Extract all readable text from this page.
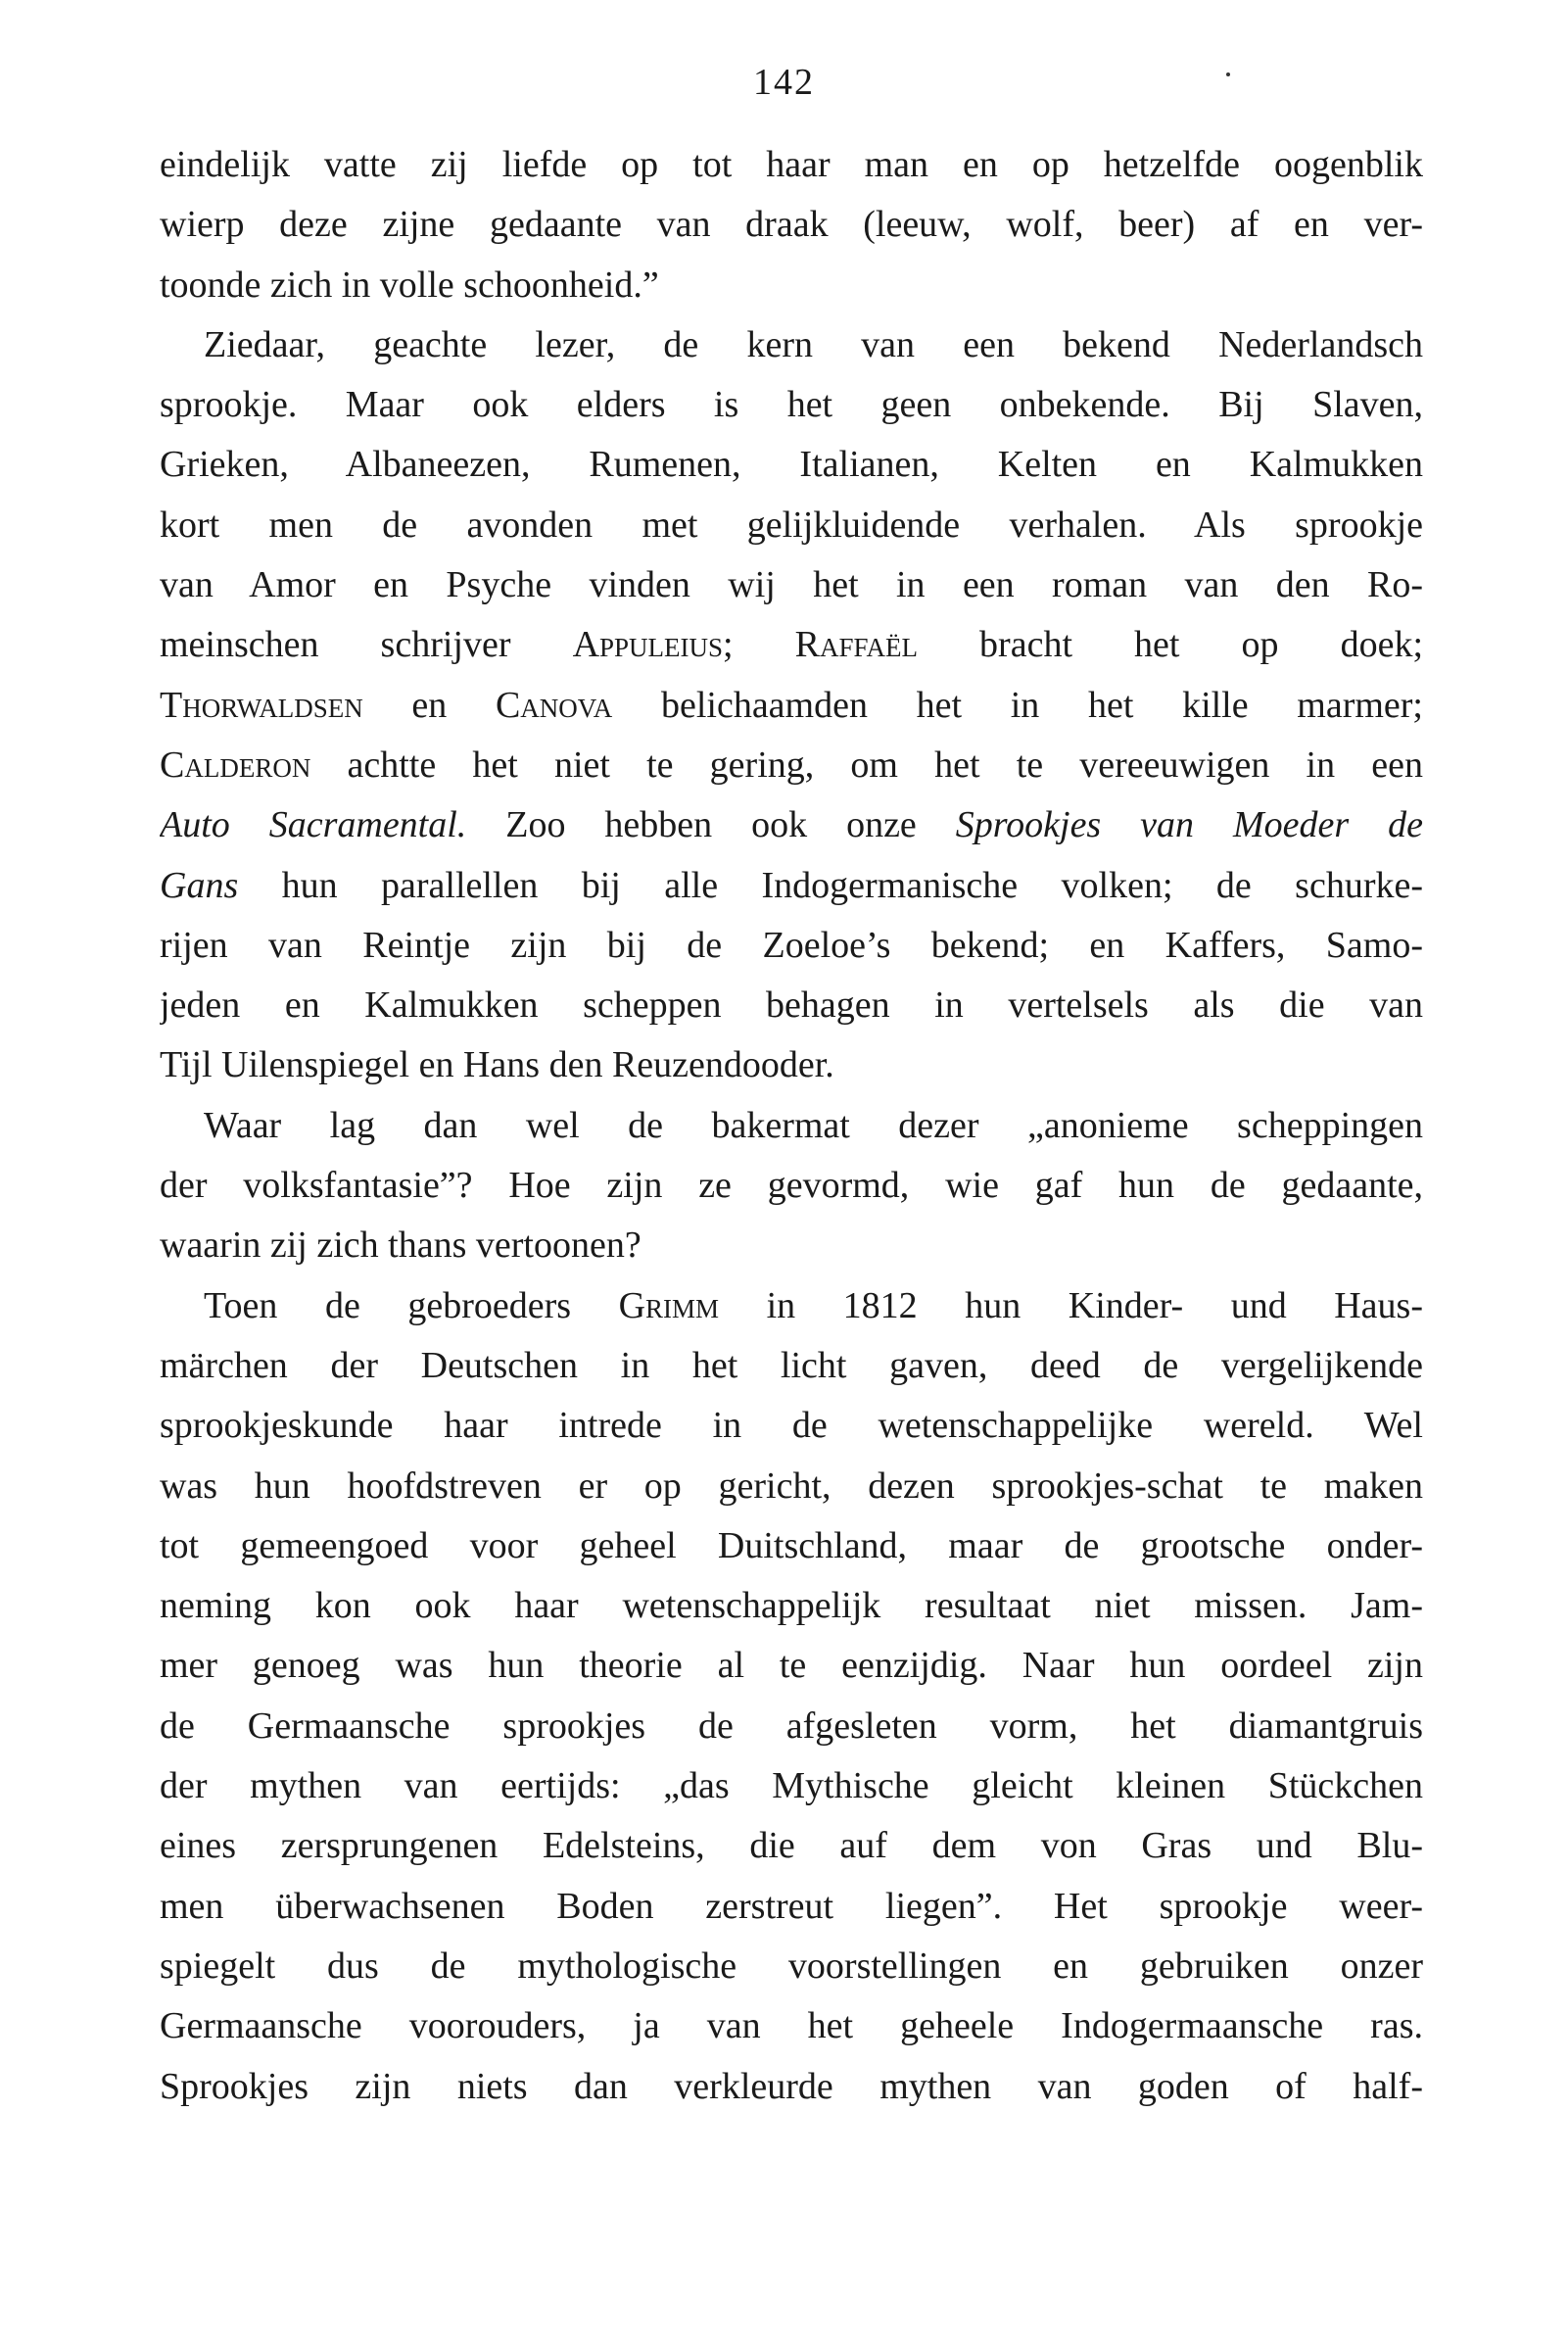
142
eindelijk vatte zij liefde op tot haar man en op hetzelfde oogenblik
wierp deze zijne gedaante van draak (leeuw, wolf, beer) af en ver-
toonde zich in volle schoonheid.”
Ziedaar, geachte lezer, de kern van een bekend Nederlandsch
sprookje. Maar ook elders is het geen onbekende. Bij Slaven,
Grieken, Albaneezen, Rumenen, Italianen, Kelten en Kalmukken
kort men de avonden met gelijkluidende verhalen. Als sprookje
van Amor en Psyche vinden wij het in een roman van den Ro-
meinschen schrijver Appuleius; Raffaël bracht het op doek;
Thorwaldsen en Canova belichaamden het in het kille marmer;
Calderon achtte het niet te gering, om het te vereeuwigen in een
Auto Sacramental. Zoo hebben ook onze Sprookjes van Moeder de
Gans hun parallellen bij alle Indogermanische volken; de schurke-
rijen van Reintje zijn bij de Zoeloe’s bekend; en Kaffers, Samo-
jeden en Kalmukken scheppen behagen in vertelsels als die van
Tijl Uilenspiegel en Hans den Reuzendooder.
Waar lag dan wel de bakermat dezer „anonieme scheppingen
der volksfantasie”? Hoe zijn ze gevormd, wie gaf hun de gedaante,
waarin zij zich thans vertoonen?
Toen de gebroeders Grimm in 1812 hun Kinder- und Haus-
märchen der Deutschen in het licht gaven, deed de vergelijkende
sprookjeskunde haar intrede in de wetenschappelijke wereld. Wel
was hun hoofdstreven er op gericht, dezen sprookjes-schat te maken
tot gemeengoed voor geheel Duitschland, maar de grootsche onder-
neming kon ook haar wetenschappelijk resultaat niet missen. Jam-
mer genoeg was hun theorie al te eenzijdig. Naar hun oordeel zijn
de Germaansche sprookjes de afgesleten vorm, het diamantgruis
der mythen van eertijds: „das Mythische gleicht kleinen Stückchen
eines zersprungenen Edelsteins, die auf dem von Gras und Blu-
men überwachsenen Boden zerstreut liegen”. Het sprookje weer-
spiegelt dus de mythologische voorstellingen en gebruiken onzer
Germaansche voorouders, ja van het geheele Indogermaansche ras.
Sprookjes zijn niets dan verkleurde mythen van goden of half-
